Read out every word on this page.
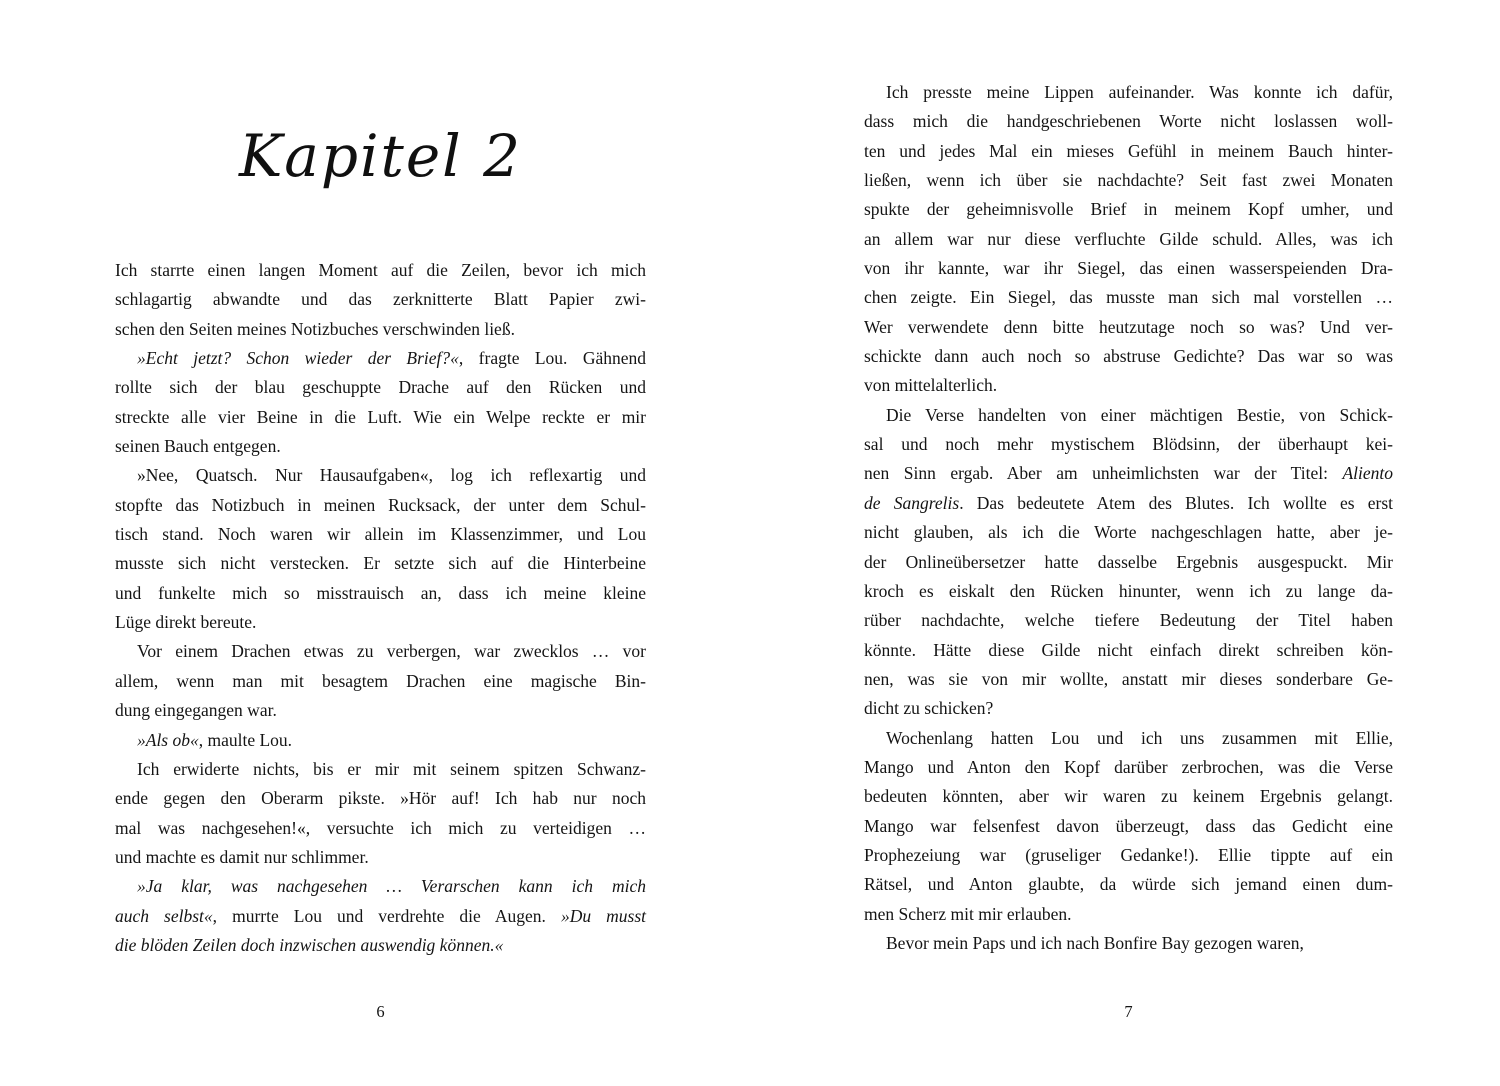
Kapitel 2
Ich starrte einen langen Moment auf die Zeilen, bevor ich mich
schlagartig abwandte und das zerknitterte Blatt Papier zwi-
schen den Seiten meines Notizbuches verschwinden ließ.
»Echt jetzt? Schon wieder der Brief?«, fragte Lou. Gähnend
rollte sich der blau geschuppte Drache auf den Rücken und
streckte alle vier Beine in die Luft. Wie ein Welpe reckte er mir
seinen Bauch entgegen.
»Nee, Quatsch. Nur Hausaufgaben«, log ich reflexartig und
stopfte das Notizbuch in meinen Rucksack, der unter dem Schul-
tisch stand. Noch waren wir allein im Klassenzimmer, und Lou
musste sich nicht verstecken. Er setzte sich auf die Hinterbeine
und funkelte mich so misstrauisch an, dass ich meine kleine
Lüge direkt bereute.
Vor einem Drachen etwas zu verbergen, war zwecklos … vor
allem, wenn man mit besagtem Drachen eine magische Bin-
dung eingegangen war.
»Als ob«, maulte Lou.
Ich erwiderte nichts, bis er mir mit seinem spitzen Schwanz-
ende gegen den Oberarm pikste. »Hör auf! Ich hab nur noch
mal was nachgesehen!«, versuchte ich mich zu verteidigen …
und machte es damit nur schlimmer.
»Ja klar, was nachgesehen … Verarschen kann ich mich
auch selbst«, murrte Lou und verdrehte die Augen. »Du musst
die blöden Zeilen doch inzwischen auswendig können.«
6
Ich presste meine Lippen aufeinander. Was konnte ich dafür,
dass mich die handgeschriebenen Worte nicht loslassen woll-
ten und jedes Mal ein mieses Gefühl in meinem Bauch hinter-
ließen, wenn ich über sie nachdachte? Seit fast zwei Monaten
spukte der geheimnisvolle Brief in meinem Kopf umher, und
an allem war nur diese verfluchte Gilde schuld. Alles, was ich
von ihr kannte, war ihr Siegel, das einen wasserspeienden Dra-
chen zeigte. Ein Siegel, das musste man sich mal vorstellen …
Wer verwendete denn bitte heutzutage noch so was? Und ver-
schickte dann auch noch so abstruse Gedichte? Das war so was
von mittelalterlich.
Die Verse handelten von einer mächtigen Bestie, von Schick-
sal und noch mehr mystischem Blödsinn, der überhaupt kei-
nen Sinn ergab. Aber am unheimlichsten war der Titel: Aliento
de Sangrelis. Das bedeutete Atem des Blutes. Ich wollte es erst
nicht glauben, als ich die Worte nachgeschlagen hatte, aber je-
der Onlineübersetzer hatte dasselbe Ergebnis ausgespuckt. Mir
kroch es eiskalt den Rücken hinunter, wenn ich zu lange da-
rüber nachdachte, welche tiefere Bedeutung der Titel haben
könnte. Hätte diese Gilde nicht einfach direkt schreiben kön-
nen, was sie von mir wollte, anstatt mir dieses sonderbare Ge-
dicht zu schicken?
Wochenlang hatten Lou und ich uns zusammen mit Ellie,
Mango und Anton den Kopf darüber zerbrochen, was die Verse
bedeuten könnten, aber wir waren zu keinem Ergebnis gelangt.
Mango war felsenfest davon überzeugt, dass das Gedicht eine
Prophezeiung war (gruseliger Gedanke!). Ellie tippte auf ein
Rätsel, und Anton glaubte, da würde sich jemand einen dum-
men Scherz mit mir erlauben.
Bevor mein Paps und ich nach Bonfire Bay gezogen waren,
7
